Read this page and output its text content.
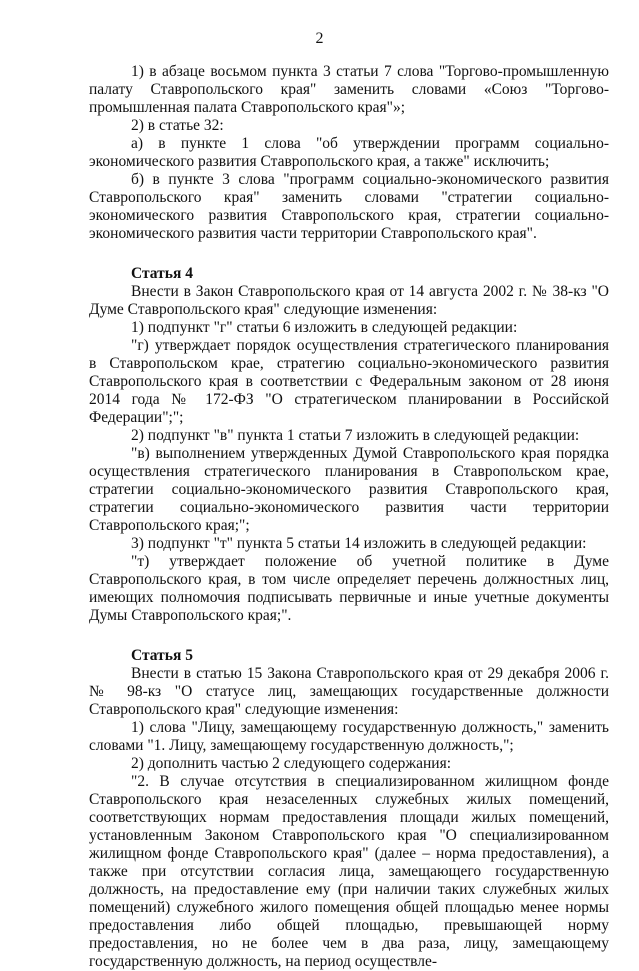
2

1) в абзаце восьмом пункта 3 статьи 7 слова "Торгово-промышленную палату Ставропольского края" заменить словами «Союз "Торгово-промышленная палата Ставропольского края"»;

2) в статье 32:

а) в пункте 1 слова "об утверждении программ социально-экономического развития Ставропольского края, а также" исключить;

б) в пункте 3 слова "программ социально-экономического развития Ставропольского края" заменить словами "стратегии социально-экономического развития Ставропольского края, стратегии социально-экономического развития части территории Ставропольского края".

Статья 4

Внести в Закон Ставропольского края от 14 августа 2002 г. № 38-кз "О Думе Ставропольского края" следующие изменения:

1) подпункт "г" статьи 6 изложить в следующей редакции:

"г) утверждает порядок осуществления стратегического планирования в Ставропольском крае, стратегию социально-экономического развития Ставропольского края в соответствии с Федеральным законом от 28 июня 2014 года № 172-ФЗ "О стратегическом планировании в Российской Федерации";";

2) подпункт "в" пункта 1 статьи 7 изложить в следующей редакции:

"в) выполнением утвержденных Думой Ставропольского края порядка осуществления стратегического планирования в Ставропольском крае, стратегии социально-экономического развития Ставропольского края, стратегии социально-экономического развития части территории Ставропольского края;";

3) подпункт "т" пункта 5 статьи 14 изложить в следующей редакции:

"т) утверждает положение об учетной политике в Думе Ставропольского края, в том числе определяет перечень должностных лиц, имеющих полномочия подписывать первичные и иные учетные документы Думы Ставропольского края;".

Статья 5

Внести в статью 15 Закона Ставропольского края от 29 декабря 2006 г. № 98-кз "О статусе лиц, замещающих государственные должности Ставропольского края" следующие изменения:

1) слова "Лицу, замещающему государственную должность," заменить словами "1. Лицу, замещающему государственную должность,";

2) дополнить частью 2 следующего содержания:

"2. В случае отсутствия в специализированном жилищном фонде Ставропольского края незаселенных служебных жилых помещений, соответствующих нормам предоставления площади жилых помещений, установленным Законом Ставропольского края "О специализированном жилищном фонде Ставропольского края" (далее – норма предоставления), а также при отсутствии согласия лица, замещающего государственную должность, на предоставление ему (при наличии таких служебных жилых помещений) служебного жилого помещения общей площадью менее нормы предоставления либо общей площадью, превышающей норму предоставления, но не более чем в два раза, лицу, замещающему государственную должность, на период осуществле-
